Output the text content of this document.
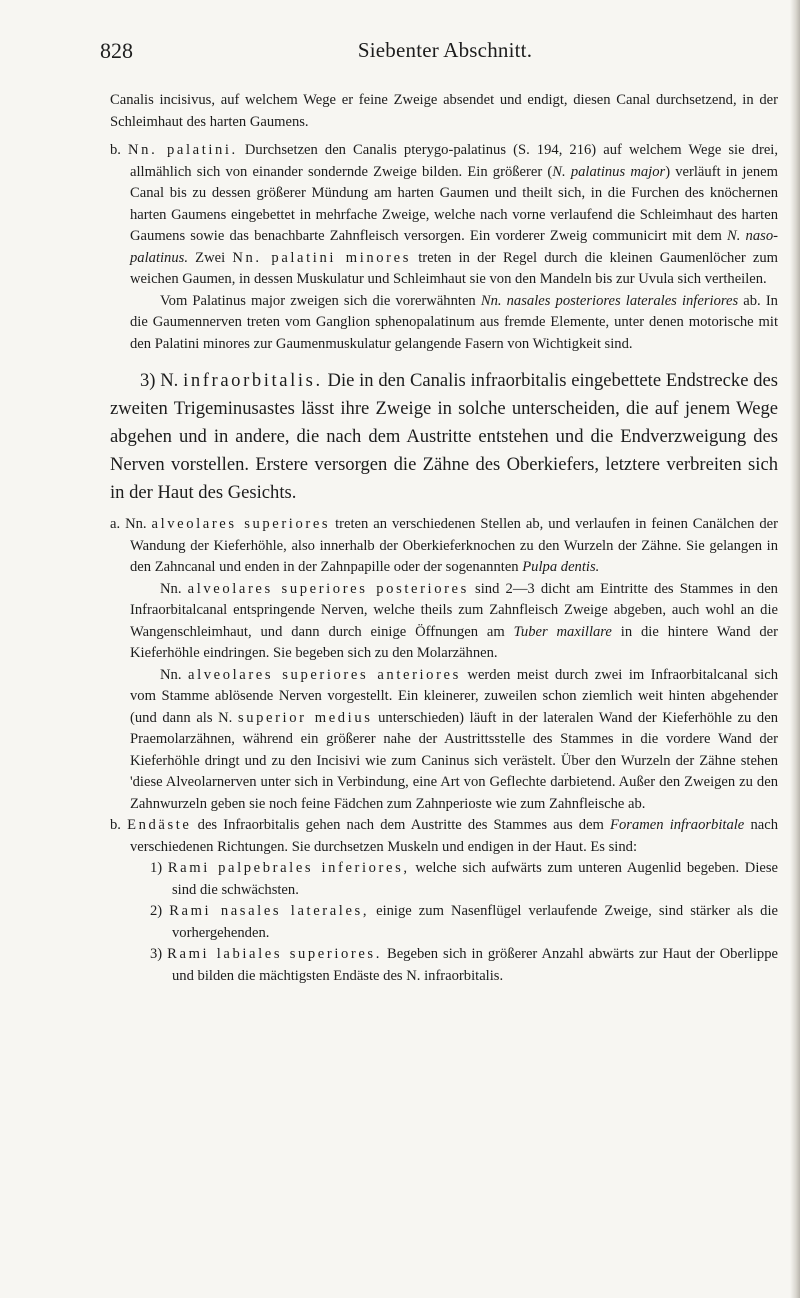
828	Siebenter Abschnitt.

Canalis incisivus, auf welchem Wege er feine Zweige absendet und endigt, diesen Canal durchsetzend, in der Schleimhaut des harten Gaumens.

b. Nn. palatini. Durchsetzen den Canalis pterygo-palatinus (S. 194, 216) auf welchem Wege sie drei, allmählich sich von einander sondernde Zweige bilden. Ein größerer (N. palatinus major) verläuft in jenem Canal bis zu dessen größerer Mündung am harten Gaumen und theilt sich, in die Furchen des knöchernen harten Gaumens eingebettet in mehrfache Zweige, welche nach vorne verlaufend die Schleimhaut des harten Gaumens sowie das benachbarte Zahnfleisch versorgen. Ein vorderer Zweig communicirt mit dem N. naso-palatinus. Zwei Nn. palatini minores treten in der Regel durch die kleinen Gaumenlöcher zum weichen Gaumen, in dessen Muskulatur und Schleimhaut sie von den Mandeln bis zur Uvula sich vertheilen.

Vom Palatinus major zweigen sich die vorerwähnten Nn. nasales posteriores laterales inferiores ab. In die Gaumennerven treten vom Ganglion sphenopalatinum aus fremde Elemente, unter denen motorische mit den Palatini minores zur Gaumenmuskulatur gelangende Fasern von Wichtigkeit sind.

3) N. infraorbitalis. Die in den Canalis infraorbitalis eingebettete Endstrecke des zweiten Trigeminusastes lässt ihre Zweige in solche unterscheiden, die auf jenem Wege abgehen und in andere, die nach dem Austritte entstehen und die Endverzweigung des Nerven vorstellen. Erstere versorgen die Zähne des Oberkiefers, letztere verbreiten sich in der Haut des Gesichts.

a. Nn. alveolares superiores treten an verschiedenen Stellen ab, und verlaufen in feinen Canälchen der Wandung der Kieferhöhle, also innerhalb der Oberkieferknochen zu den Wurzeln der Zähne. Sie gelangen in den Zahncanal und enden in der Zahnpapille oder der sogenannten Pulpa dentis.

Nn. alveolares superiores posteriores sind 2—3 dicht am Eintritte des Stammes in den Infraorbitalcanal entspringende Nerven, welche theils zum Zahnfleisch Zweige abgeben, auch wohl an die Wangenschleimhaut, und dann durch einige Öffnungen am Tuber maxillare in die hintere Wand der Kieferhöhle eindringen. Sie begeben sich zu den Molarzähnen.

Nn. alveolares superiores anteriores werden meist durch zwei im Infraorbitalcanal sich vom Stamme ablösende Nerven vorgestellt. Ein kleinerer, zuweilen schon ziemlich weit hinten abgehender (und dann als N. superior medius unterschieden) läuft in der lateralen Wand der Kieferhöhle zu den Praemolarzähnen, während ein größerer nahe der Austrittsstelle des Stammes in die vordere Wand der Kieferhöhle dringt und zu den Incisivi wie zum Caninus sich verästelt. Über den Wurzeln der Zähne stehen 'diese Alveolarnerven unter sich in Verbindung, eine Art von Geflechte darbietend. Außer den Zweigen zu den Zahnwurzeln geben sie noch feine Fädchen zum Zahnperioste wie zum Zahnfleische ab.

b. Endäste des Infraorbitalis gehen nach dem Austritte des Stammes aus dem Foramen infraorbitale nach verschiedenen Richtungen. Sie durchsetzen Muskeln und endigen in der Haut. Es sind:

1) Rami palpebrales inferiores, welche sich aufwärts zum unteren Augenlid begeben. Diese sind die schwächsten.

2) Rami nasales laterales, einige zum Nasenflügel verlaufende Zweige, sind stärker als die vorhergehenden.

3) Rami labiales superiores. Begeben sich in größerer Anzahl abwärts zur Haut der Oberlippe und bilden die mächtigsten Endäste des N. infraorbitalis.
